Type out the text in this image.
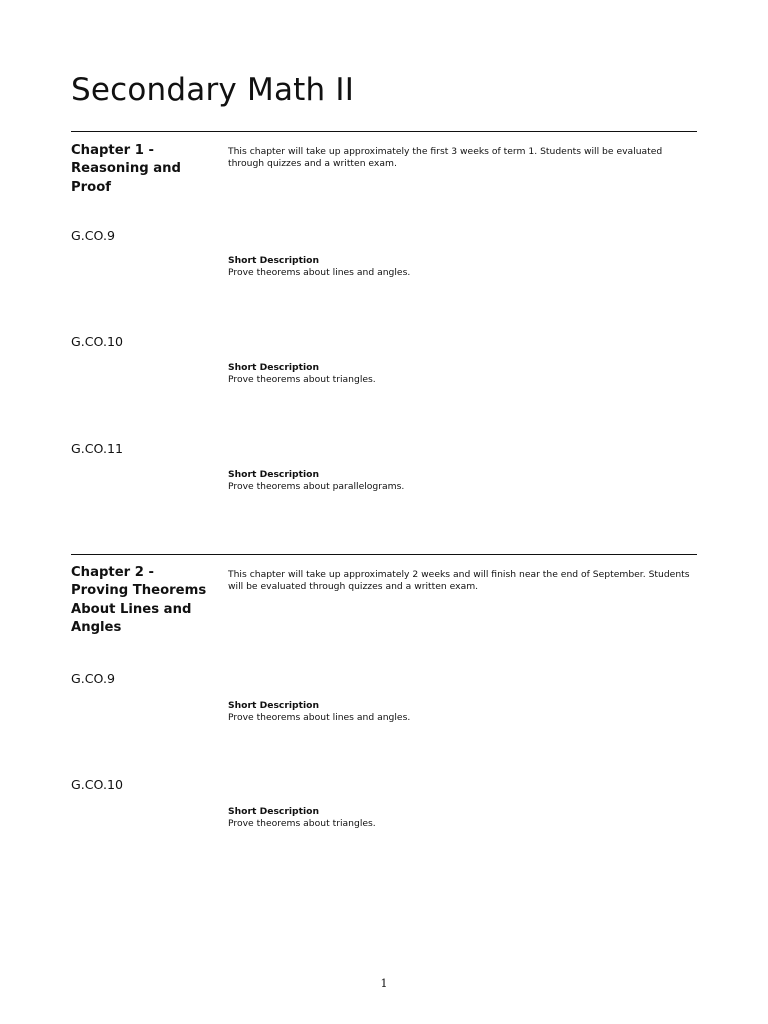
Secondary Math II
Chapter 1 -
Reasoning and
Proof

This chapter will take up approximately the first 3 weeks of term 1. Students will be evaluated
through quizzes and a written exam.

G.CO.9

Short Description
Prove theorems about lines and angles.

G.CO.10

Short Description
Prove theorems about triangles.

G.CO.11

Short Description
Prove theorems about parallelograms.
Chapter 2 -
Proving Theorems
About Lines and
Angles

This chapter will take up approximately 2 weeks and will finish near the end of September. Students
will be evaluated through quizzes and a written exam.

G.CO.9

Short Description
Prove theorems about lines and angles.

G.CO.10

Short Description
Prove theorems about triangles.
1
